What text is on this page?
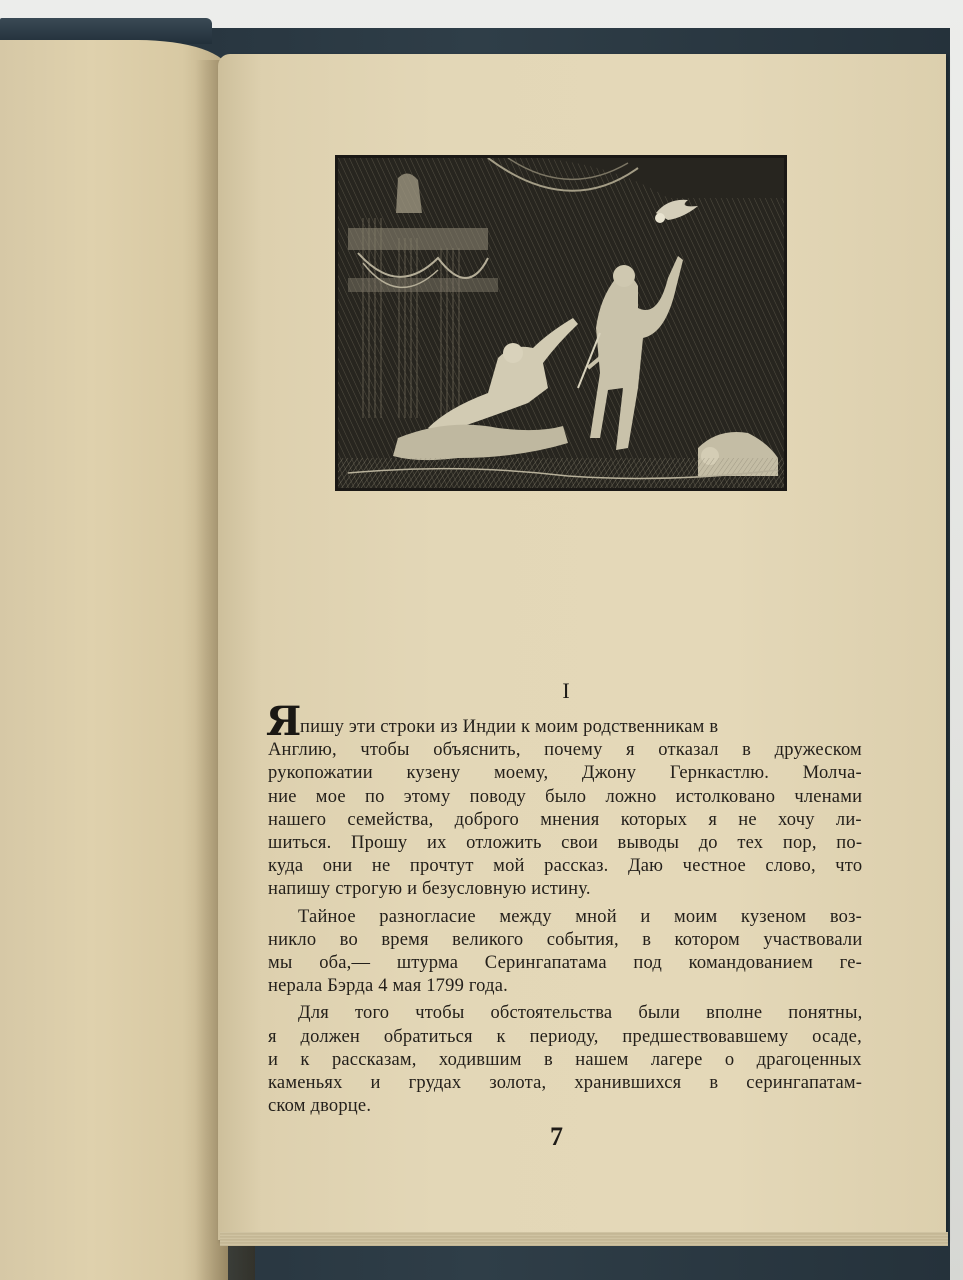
I
Я
пишу эти строки из Индии к моим родственникам в
Англию, чтобы объяснить, почему я отказал в дружеском
рукопожатии кузену моему, Джону Гернкастлю. Молча-
ние мое по этому поводу было ложно истолковано членами
нашего семейства, доброго мнения которых я не хочу ли-
шиться. Прошу их отложить свои выводы до тех пор, по-
куда они не прочтут мой рассказ. Даю честное слово, что
напишу строгую и безусловную истину.
Тайное разногласие между мной и моим кузеном воз-
никло во время великого события, в котором участвовали
мы оба,— штурма Серингапатама под командованием ге-
нерала Бэрда 4 мая 1799 года.
Для того чтобы обстоятельства были вполне понятны,
я должен обратиться к периоду, предшествовавшему осаде,
7
и к рассказам, ходившим в нашем лагере о драгоценных
каменьях и грудах золота, хранившихся в серингапатам-
ском дворце.
